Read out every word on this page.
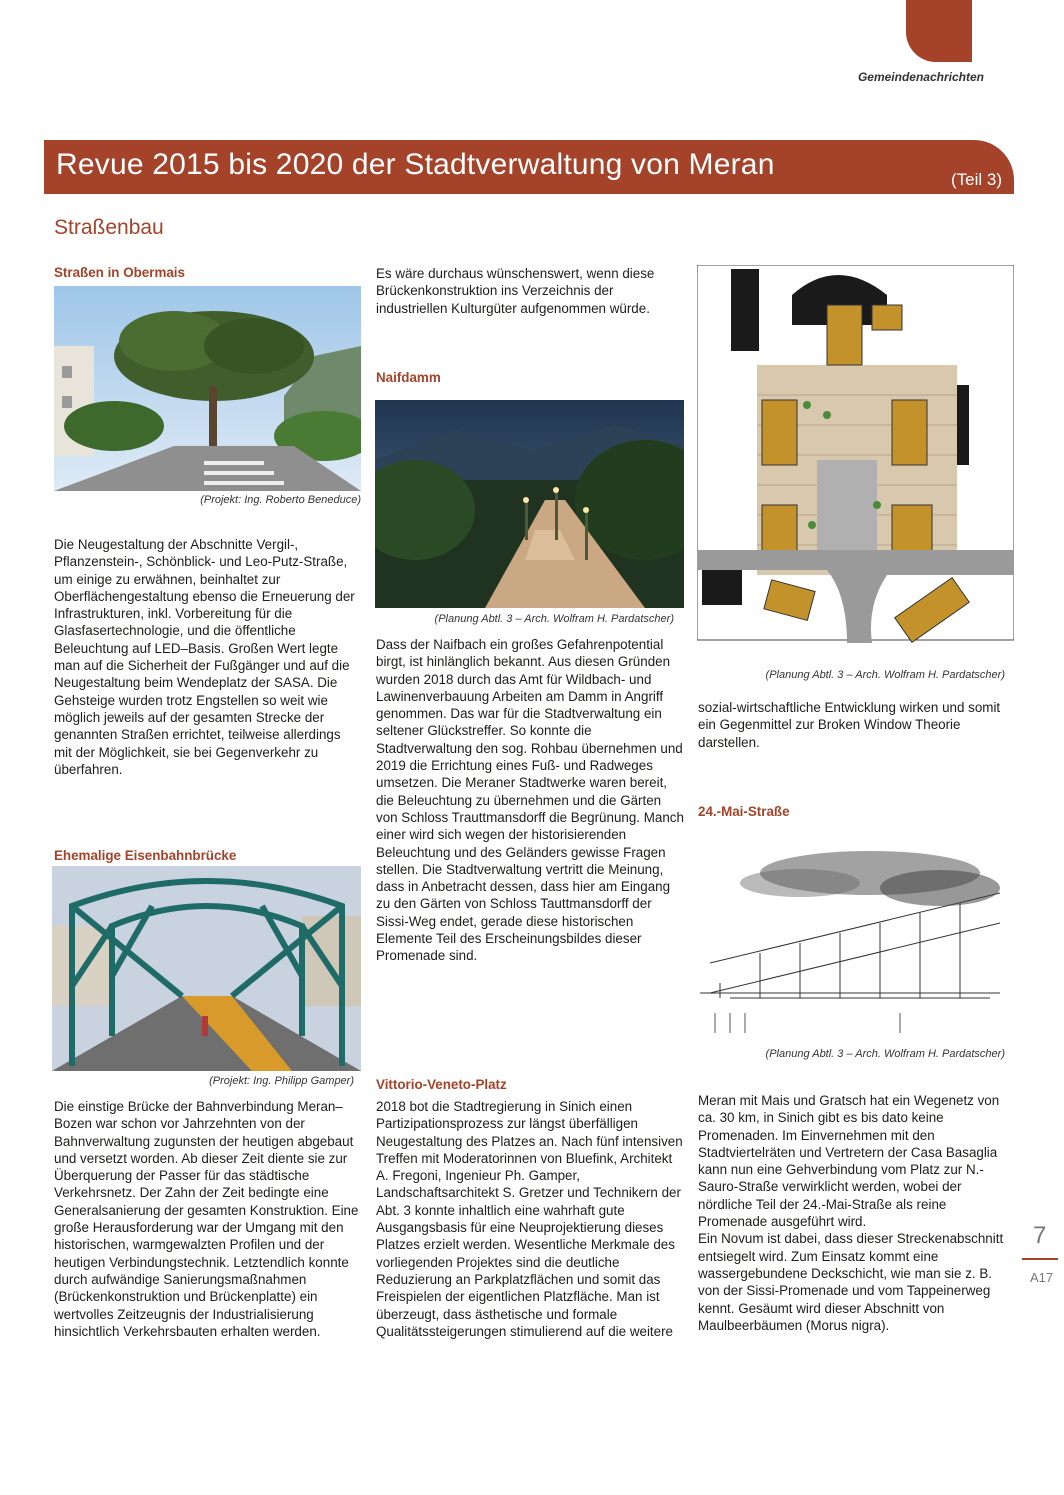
Gemeindenachrichten
Revue 2015 bis 2020 der Stadtverwaltung von Meran	(Teil 3)
Straßenbau
Straßen in Obermais
(Projekt: Ing. Roberto Beneduce)

Die Neugestaltung der Abschnitte Vergil-, Pflanzenstein-, Schönblick- und Leo-Putz-Straße, um einige zu erwähnen, beinhaltet zur Oberflächengestaltung ebenso die Erneuerung der Infrastrukturen, inkl. Vorbereitung für die Glasfasertechnologie, und die öffentliche Beleuchtung auf LED–Basis. Großen Wert legte man auf die Sicherheit der Fußgänger und auf die Neugestaltung beim Wendeplatz der SASA. Die Gehsteige wurden trotz Engstellen so weit wie möglich jeweils auf der gesamten Strecke der genannten Straßen errichtet, teilweise allerdings mit der Möglichkeit, sie bei Gegenverkehr zu überfahren.

Ehemalige Eisenbahnbrücke
(Projekt: Ing. Philipp Gamper)

Die einstige Brücke der Bahnverbindung Meran–Bozen war schon vor Jahrzehnten von der Bahnverwaltung zugunsten der heutigen abgebaut und versetzt worden. Ab dieser Zeit diente sie zur Überquerung der Passer für das städtische Verkehrsnetz. Der Zahn der Zeit bedingte eine Generalsanierung der gesamten Konstruktion. Eine große Herausforderung war der Umgang mit den historischen, warmgewalzten Profilen und der heutigen Verbindungstechnik. Letztendlich konnte durch aufwändige Sanierungsmaßnahmen (Brückenkonstruktion und Brückenplatte) ein wertvolles Zeitzeugnis der Industrialisierung hinsichtlich Verkehrsbauten erhalten werden.

Es wäre durchaus wünschenswert, wenn diese Brückenkonstruktion ins Verzeichnis der industriellen Kulturgüter aufgenommen würde.

Naifdamm
(Planung Abtl. 3 – Arch. Wolfram H. Pardatscher)

Dass der Naifbach ein großes Gefahrenpotential birgt, ist hinlänglich bekannt. Aus diesen Gründen wurden 2018 durch das Amt für Wildbach- und Lawinenverbauung Arbeiten am Damm in Angriff genommen. Das war für die Stadtverwaltung ein seltener Glückstreffer. So konnte die Stadtverwaltung den sog. Rohbau übernehmen und 2019 die Errichtung eines Fuß- und Radweges umsetzen. Die Meraner Stadtwerke waren bereit, die Beleuchtung zu übernehmen und die Gärten von Schloss Trauttmansdorff die Begrünung. Manch einer wird sich wegen der historisierenden Beleuchtung und des Geländers gewisse Fragen stellen. Die Stadtverwaltung vertritt die Meinung, dass in Anbetracht dessen, dass hier am Eingang zu den Gärten von Schloss Tauttmansdorff der Sissi-Weg endet, gerade diese historischen Elemente Teil des Erscheinungsbildes dieser Promenade sind.

Vittorio-Veneto-Platz

2018 bot die Stadtregierung in Sinich einen Partizipationsprozess zur längst überfälligen Neugestaltung des Platzes an. Nach fünf intensiven Treffen mit Moderatorinnen von Bluefink, Architekt A. Fregoni, Ingenieur Ph. Gamper, Landschaftsarchitekt S. Gretzer und Technikern der Abt. 3 konnte inhaltlich eine wahrhaft gute Ausgangsbasis für eine Neuprojektierung dieses Platzes erzielt werden. Wesentliche Merkmale des vorliegenden Projektes sind die deutliche Reduzierung an Parkplatzflächen und somit das Freispielen der eigentlichen Platzfläche. Man ist überzeugt, dass ästhetische und formale Qualitätssteigerungen stimulierend auf die weitere

(Planung Abtl. 3 – Arch. Wolfram H. Pardatscher)

sozial-wirtschaftliche Entwicklung wirken und somit ein Gegenmittel zur Broken Window Theorie darstellen.

24.-Mai-Straße
(Planung Abtl. 3 – Arch. Wolfram H. Pardatscher)

Meran mit Mais und Gratsch hat ein Wegenetz von ca. 30 km, in Sinich gibt es bis dato keine Promenaden. Im Einvernehmen mit den Stadtviertelräten und Vertretern der Casa Basaglia kann nun eine Gehverbindung vom Platz zur N.-Sauro-Straße verwirklicht werden, wobei der nördliche Teil der 24.-Mai-Straße als reine Promenade ausgeführt wird.

Ein Novum ist dabei, dass dieser Streckenabschnitt entsiegelt wird. Zum Einsatz kommt eine wassergebundene Deckschicht, wie man sie z. B. von der Sissi-Promenade und vom Tappeinerweg kennt. Gesäumt wird dieser Abschnitt von Maulbeerbäumen (Morus nigra).

7
A17
